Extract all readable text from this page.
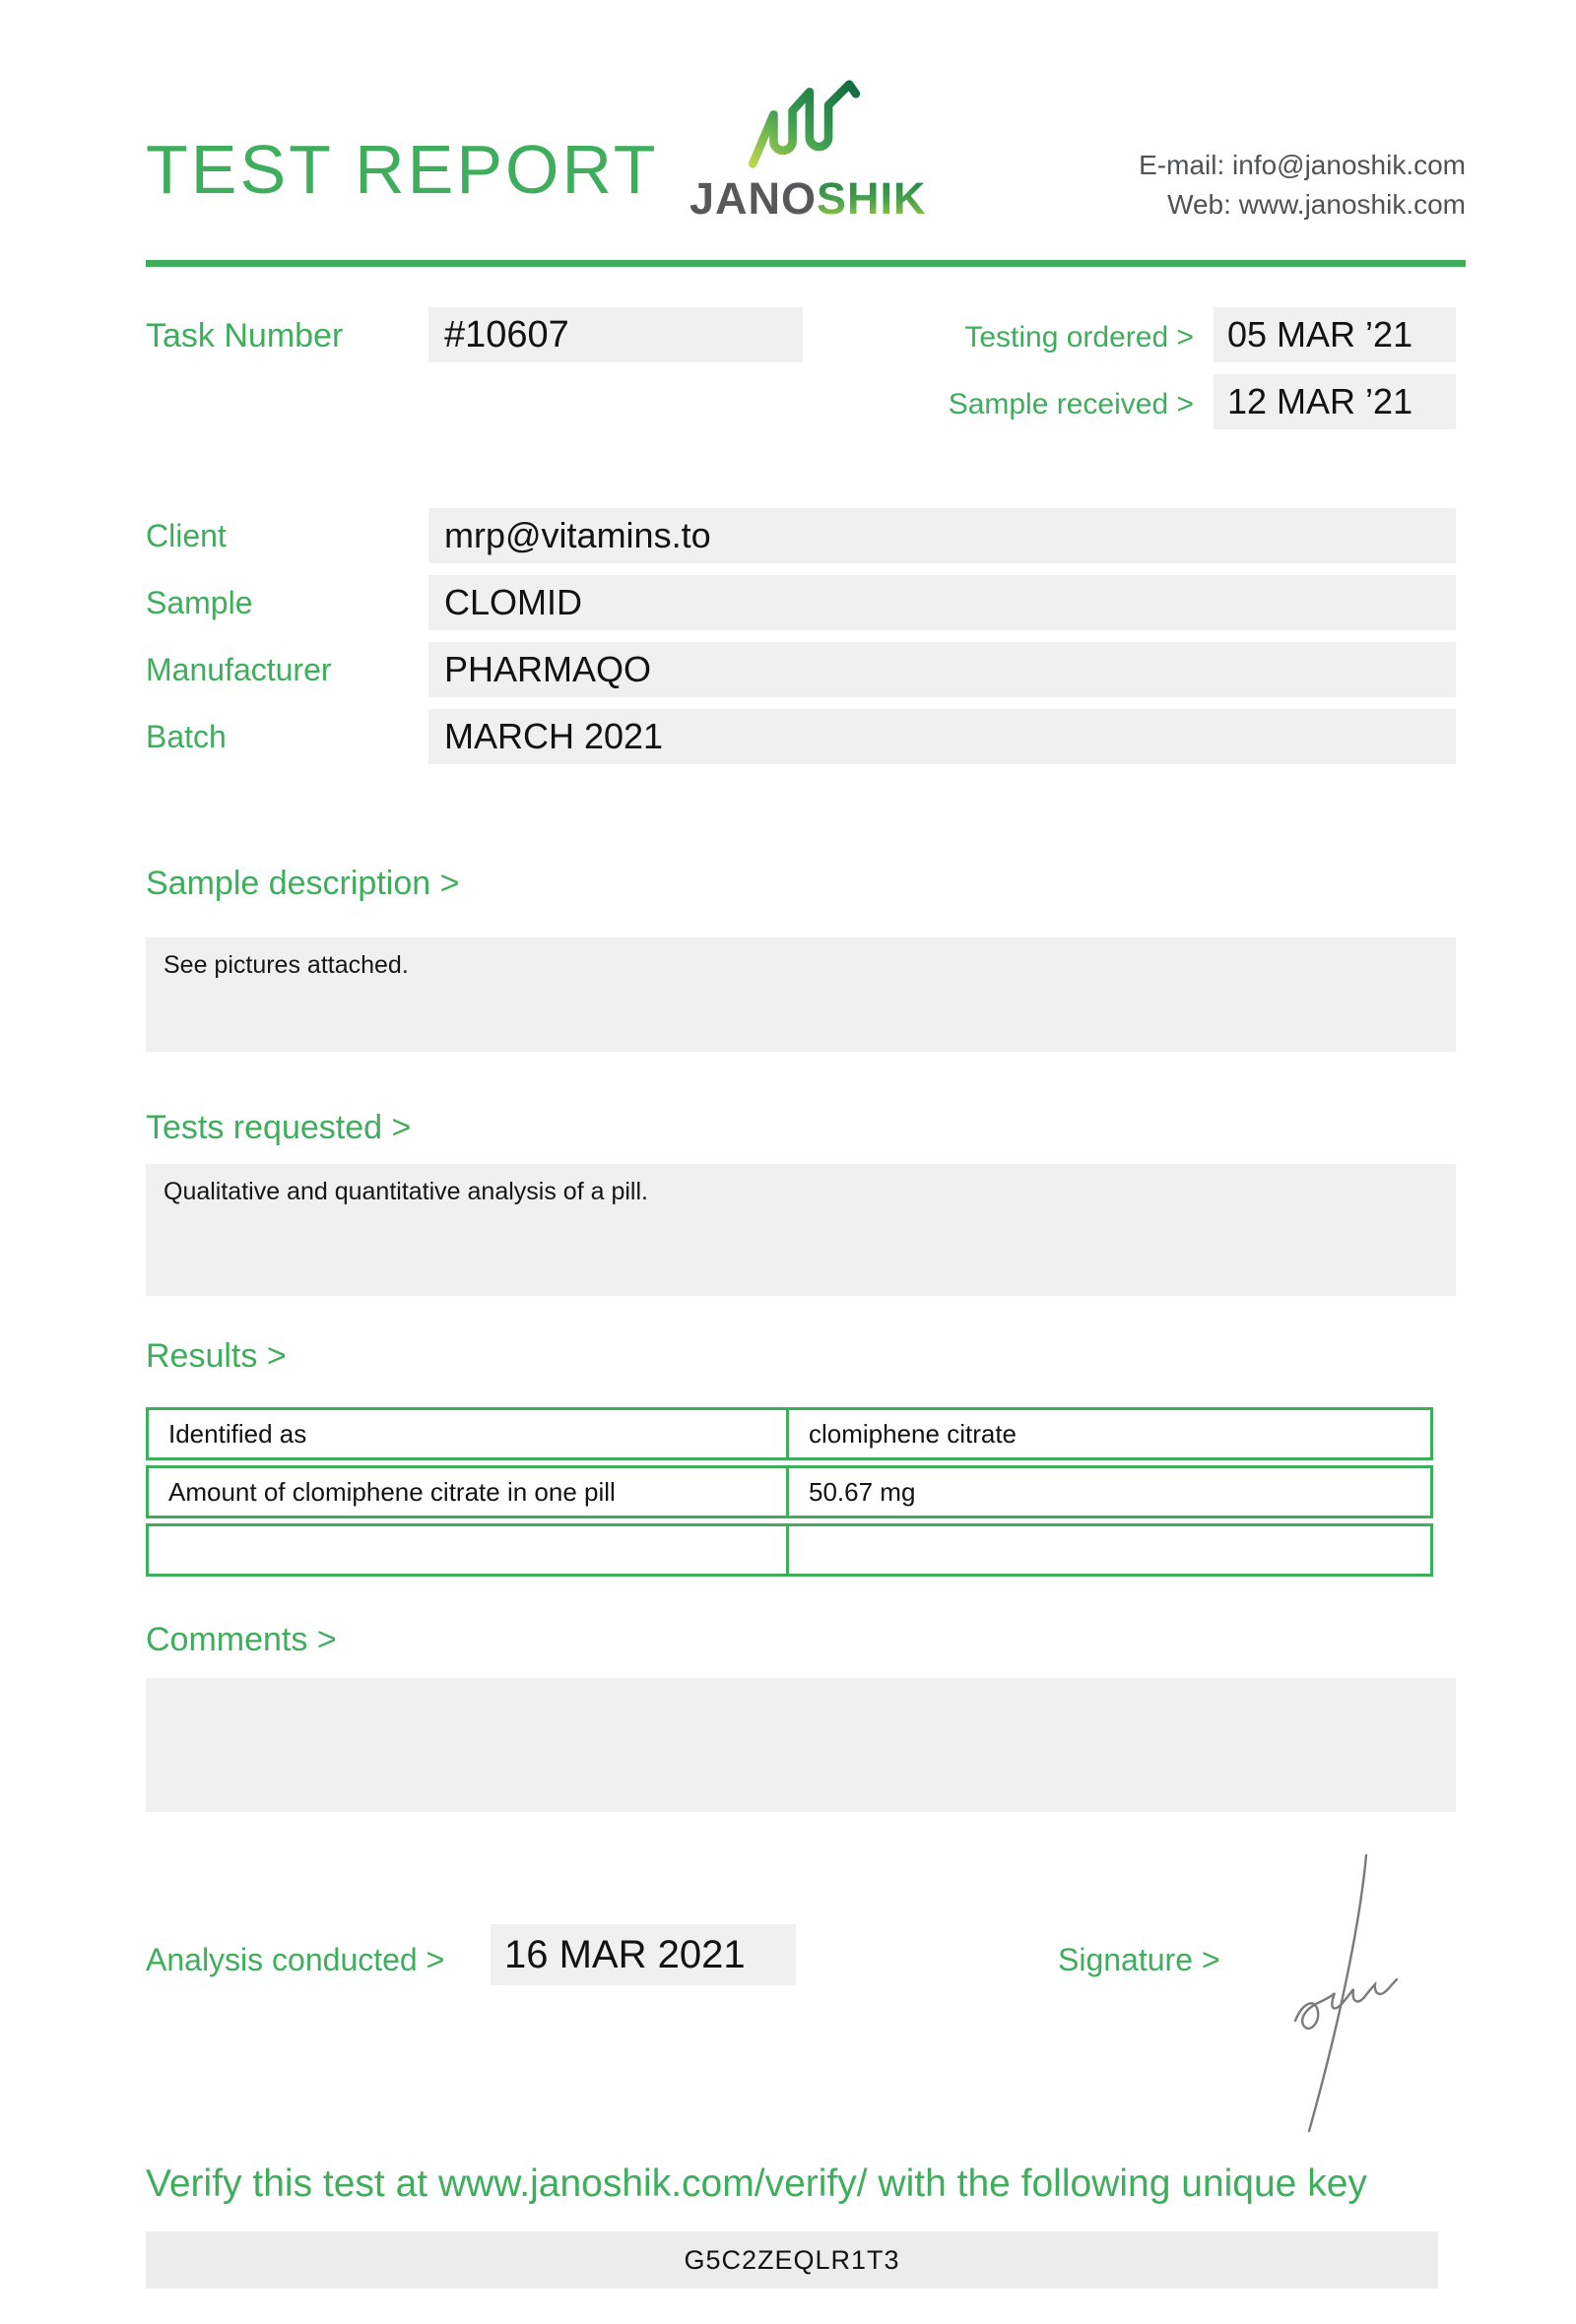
TEST REPORT JANOSHIK
E-mail: info@janoshik.com
Web: www.janoshik.com
Task Number	#10607	Testing ordered > 05 MAR ’21
Sample received > 12 MAR ’21
Client	mrp@vitamins.to
Sample	CLOMID
Manufacturer	PHARMAQO
Batch	MARCH 2021
Sample description >
See pictures attached.
Tests requested >
Qualitative and quantitative analysis of a pill.
Results >
Identified as	clomiphene citrate
Amount of clomiphene citrate in one pill	50.67 mg

Comments >
Analysis conducted >	16 MAR 2021	Signature >
Verify this test at www.janoshik.com/verify/ with the following unique key
G5C2ZEQLR1T3
